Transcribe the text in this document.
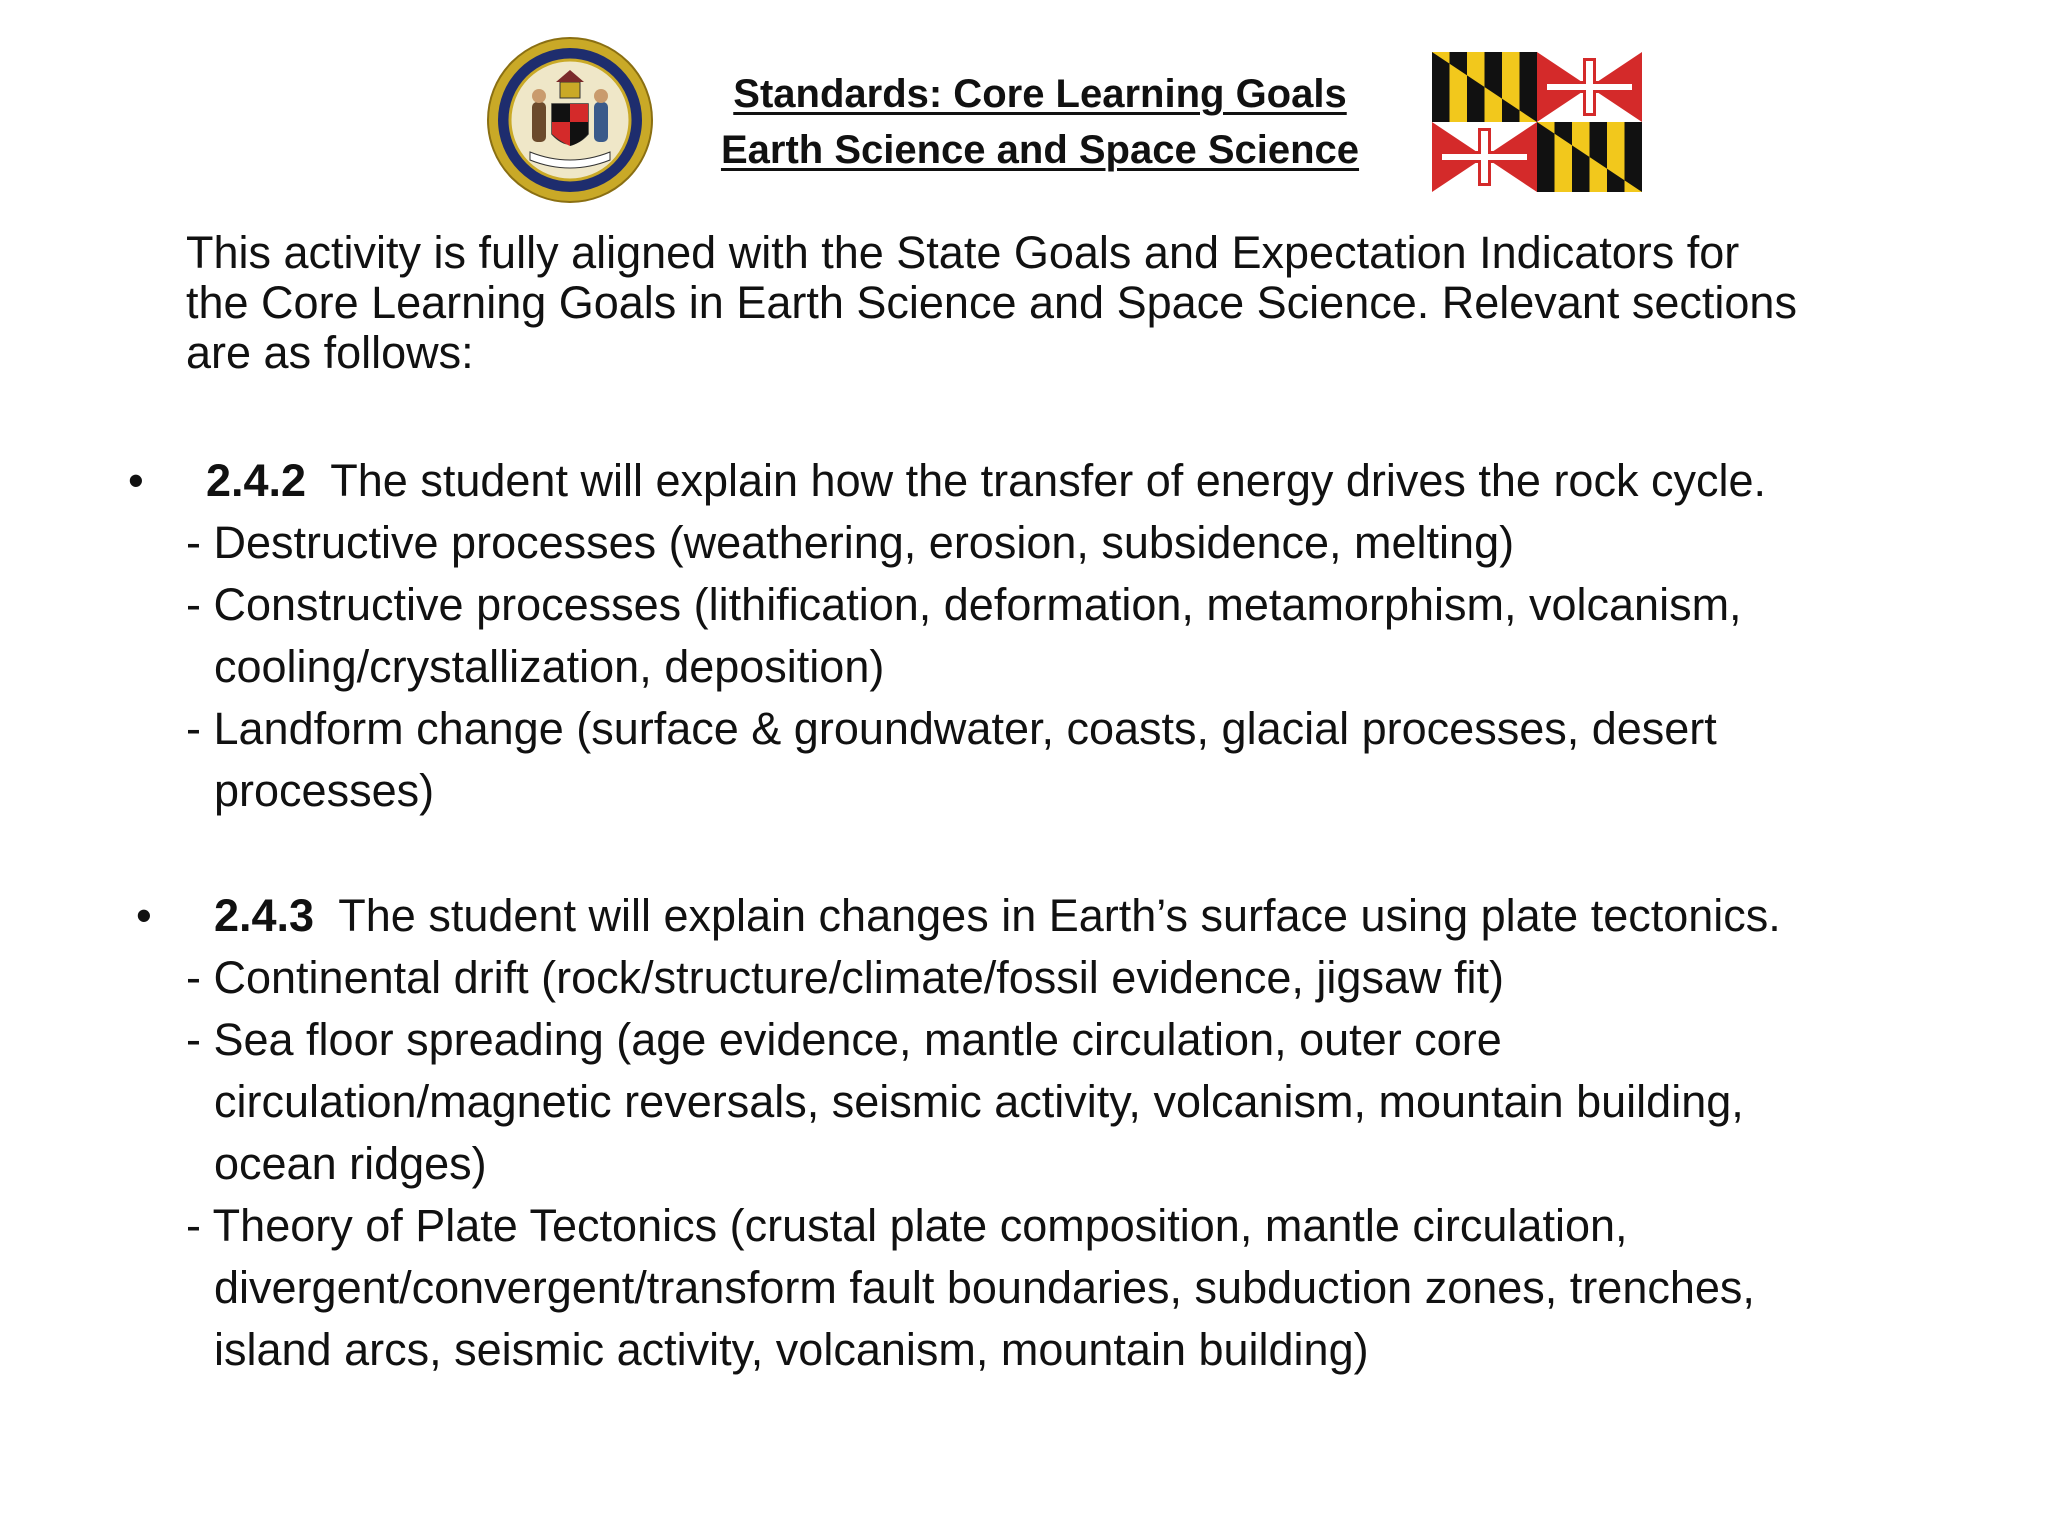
Standards: Core Learning Goals
Earth Science and Space Science
This activity is fully aligned with the State Goals and Expectation Indicators for
the Core Learning Goals in Earth Science and Space Science. Relevant sections
are as follows:
• 2.4.2 The student will explain how the transfer of energy drives the rock cycle.
- Destructive processes (weathering, erosion, subsidence, melting)
- Constructive processes (lithification, deformation, metamorphism, volcanism,
cooling/crystallization, deposition)
- Landform change (surface & groundwater, coasts, glacial processes, desert
processes)
• 2.4.3 The student will explain changes in Earth’s surface using plate tectonics.
- Continental drift (rock/structure/climate/fossil evidence, jigsaw fit)
- Sea floor spreading (age evidence, mantle circulation, outer core
circulation/magnetic reversals, seismic activity, volcanism, mountain building,
ocean ridges)
- Theory of Plate Tectonics (crustal plate composition, mantle circulation,
divergent/convergent/transform fault boundaries, subduction zones, trenches,
island arcs, seismic activity, volcanism, mountain building)
